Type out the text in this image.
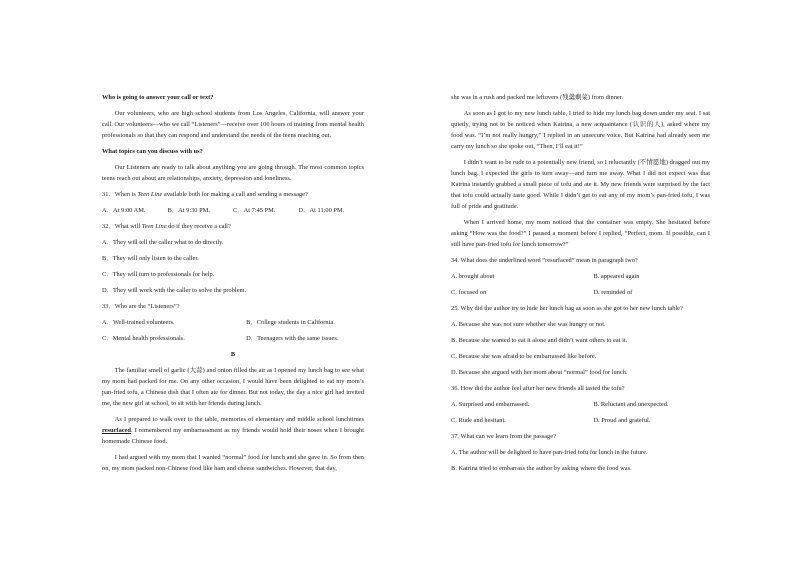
Who is going to answer your call or text?
Our volunteers, who are high school students from Los Angeles, California, will answer your call. Our volunteers—who we call “Listeners”—receive over 100 hours of training from mental health professionals so that they can respond and understand the needs of the teens reaching out.
What topics can you discuss with us?
Our Listeners are ready to talk about anything you are going through. The most common topics teens reach out about are relationships, anxiety, depression and loneliness.
31．When is Teen Line available both for making a call and sending a message?
A．At 9:00 AM.	B．At 9:30 PM.	C．At 7:45 PM.	D．At 11:00 PM.
32．What will Teen Line do if they receive a call?
A．They will tell the caller what to do directly.
B．They will only listen to the caller.
C．They will turn to professionals for help.
D．They will work with the caller to solve the problem.
33．Who are the “Listeners”?
A．Well-trained volunteers.	B．College students in California.
C．Mental health professionals.	D．Teenagers with the same issues.
B
The familiar smell of garlic (大蒜) and onion filled the air as I opened my lunch bag to see what my mom had packed for me. On any other occasion, I would have been delighted to eat my mom’s pan-fried tofu, a Chinese dish that I often ate for dinner. But not today, the day a nice girl had invited me, the new girl at school, to sit with her friends during lunch.
As I prepared to walk over to the table, memories of elementary and middle school lunchtimes resurfaced. I remembered my embarrassment as my friends would hold their noses when I brought homemade Chinese food.
I had argued with my mom that I wanted “normal” food for lunch and she gave in. So from then on, my mom packed non-Chinese food like ham and cheese sandwiches. However, that day,
she was in a rush and packed me leftovers (残羹剩菜) from dinner.
As soon as I got to my new lunch table, I tried to hide my lunch bag down under my seat. I sat quietly, trying not to be noticed when Katrina, a new acquaintance (认识的人), asked where my food was. “I’m not really hungry,” I replied in an unsecure voice. But Katrina had already seen me carry my lunch so she spoke out, “Then, I’ll eat it!”
I didn’t want to be rude to a potentially new friend, so I reluctantly (不情愿地) dragged out my lunch bag. I expected the girls to turn away—and turn me away. What I did not expect was that Katrina instantly grabbed a small piece of tofu and ate it. My new friends were surprised by the fact that tofu could actually taste good. While I didn’t get to eat any of my mom’s pan-fried tofu, I was full of pride and gratitude.
When I arrived home, my mom noticed that the container was empty. She hesitated before asking “How was the food?” I paused a moment before I replied, “Perfect, mom. If possible, can I still have pan-fried tofu for lunch tomorrow?”
34. What does the underlined word “resurfaced” mean in paragraph two?
A. brought about	B. appeared again
C. focused on	D. reminded of
25. Why did the author try to hide her lunch bag as soon as she got to her new lunch table?
A. Because she was not sure whether she was hungry or not.
B. Because she wanted to eat it alone and didn’t want others to eat it.
C. Because she was afraid to be embarrassed like before.
D. Because she argued with her mom about “normal” food for lunch.
36. How did the author feel after her new friends all tasted the tofu?
A. Surprised and embarrassed.	B. Reluctant and unexpected.
C. Rude and hesitant.	D. Proud and grateful.
37. What can we learn from the passage?
A. The author will be delighted to have pan-fried tofu for lunch in the future.
B. Katrina tried to embarrass the author by asking where the food was.
